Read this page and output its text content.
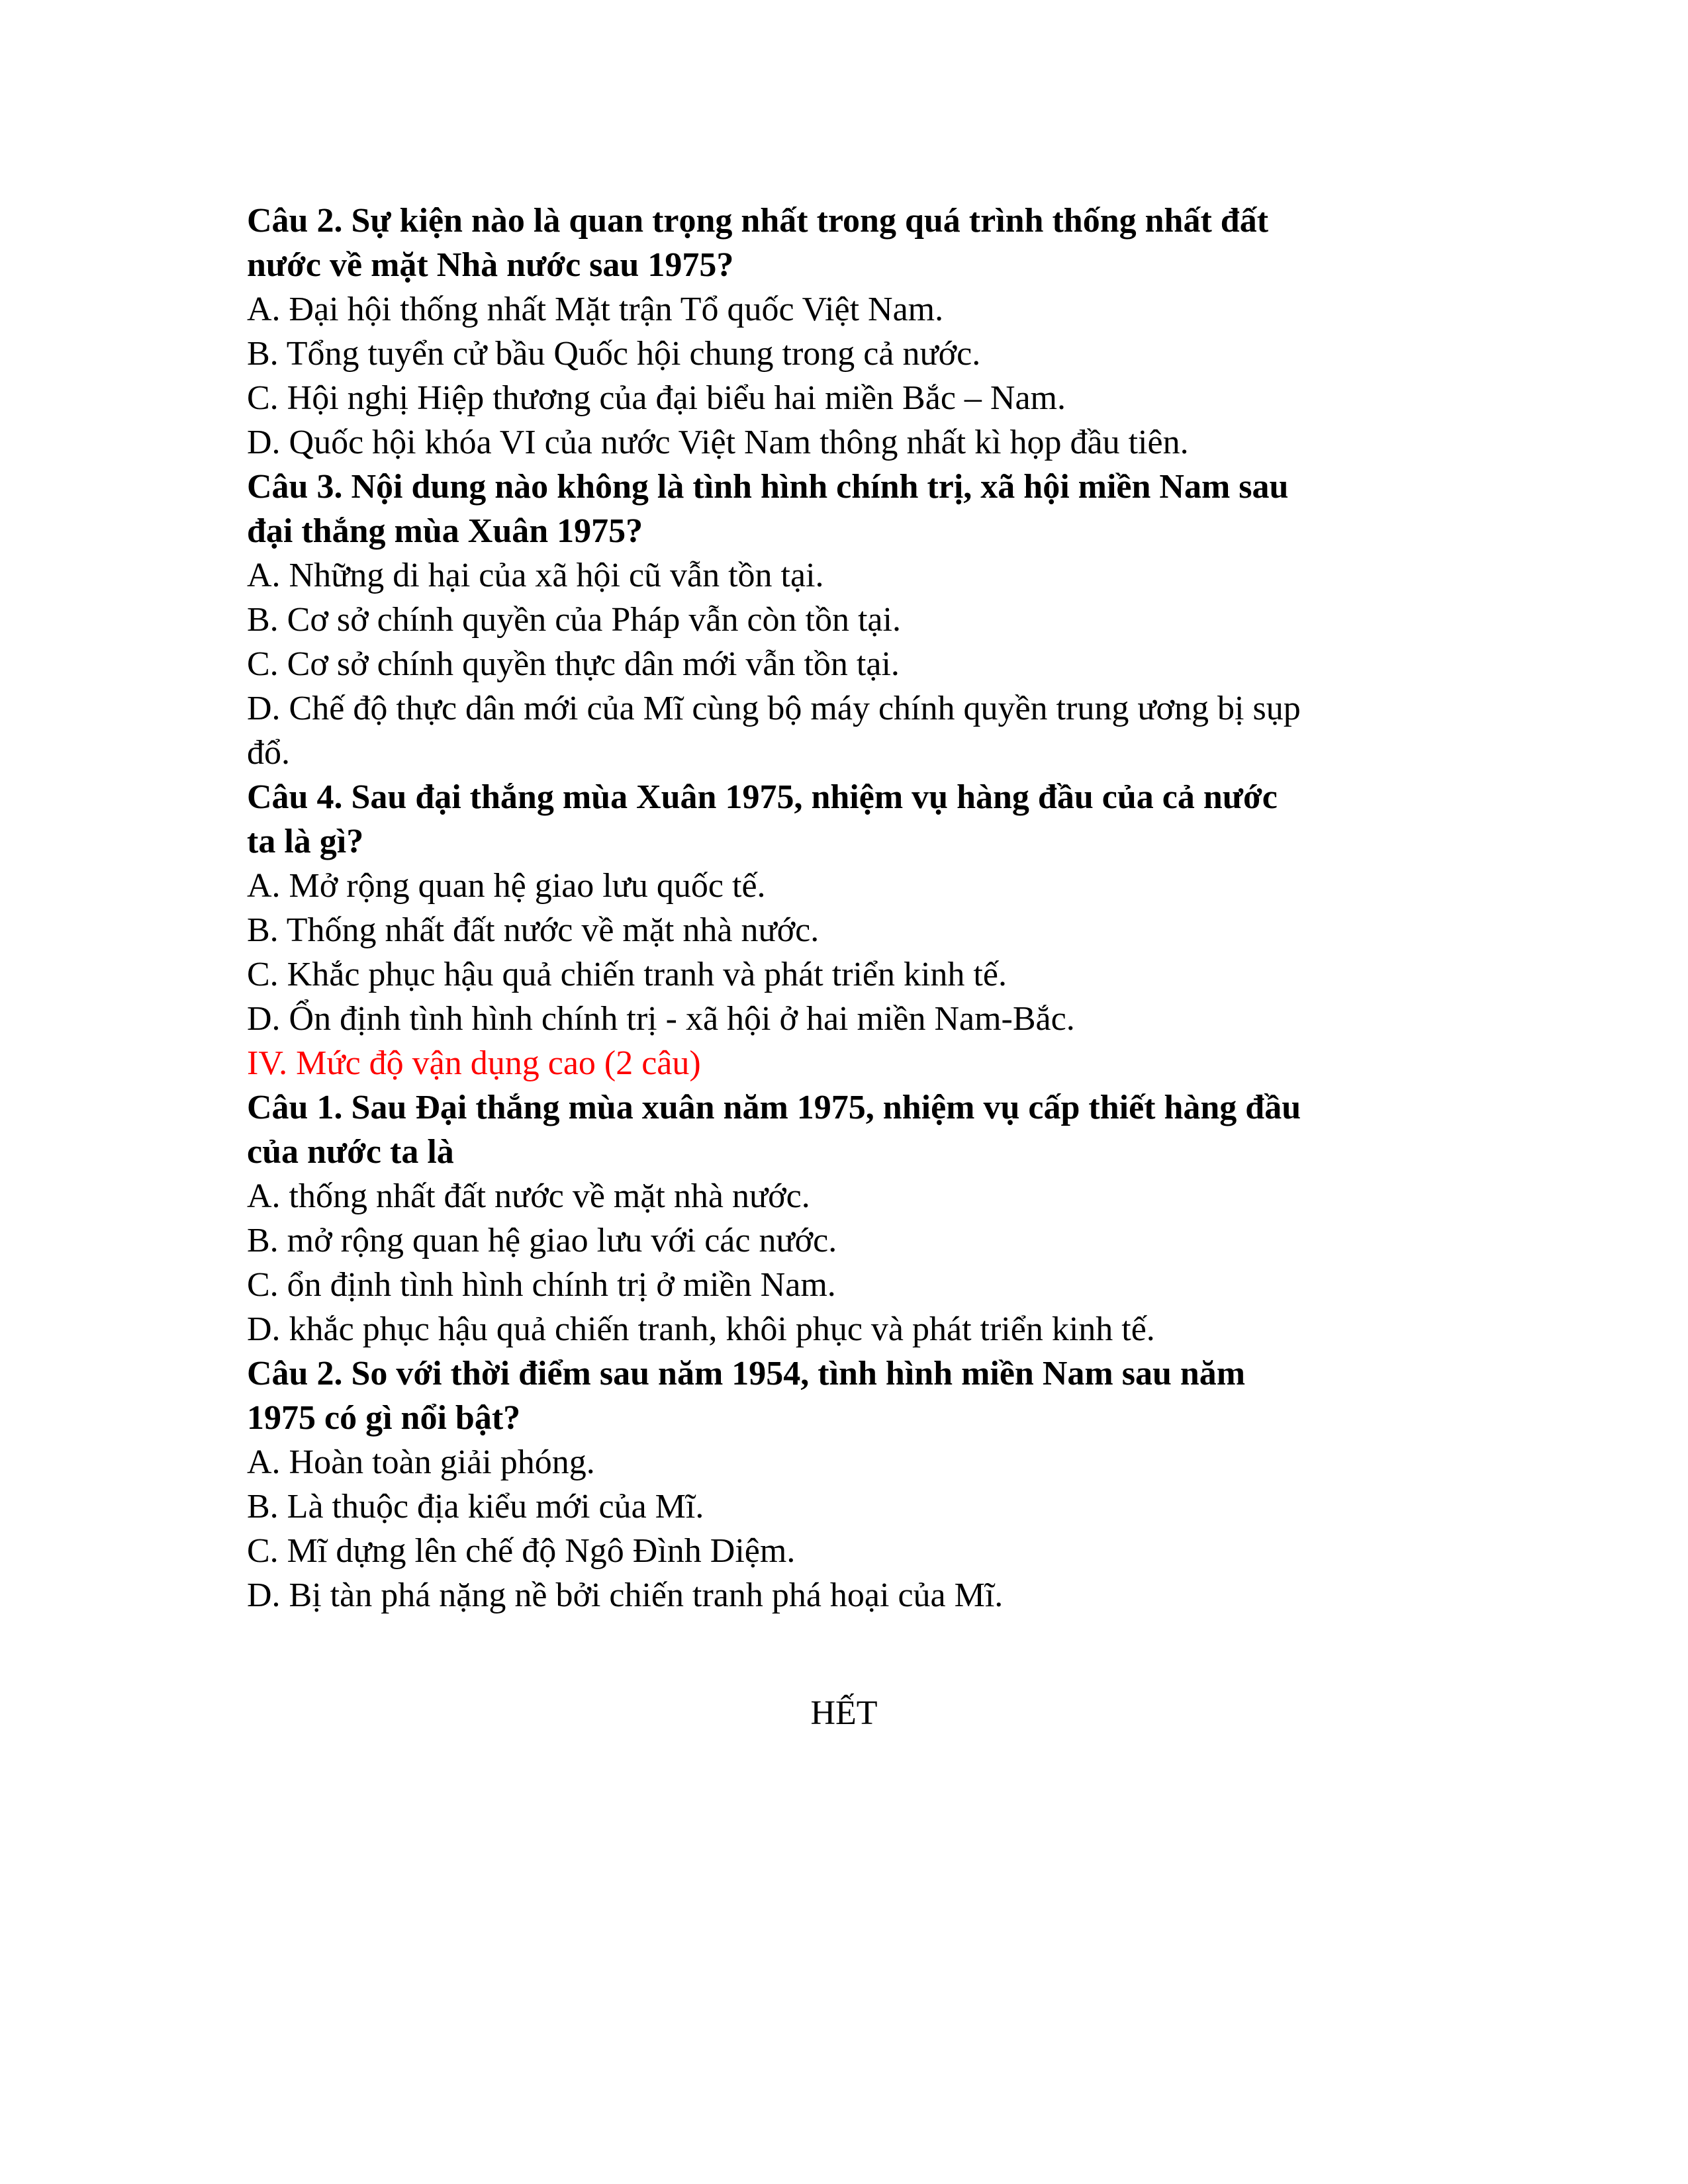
Câu 2. Sự kiện nào là quan trọng nhất trong quá trình thống nhất đất

nước về mặt Nhà nước sau 1975?

A. Đại hội thống nhất Mặt trận Tổ quốc Việt Nam.

B. Tổng tuyển cử bầu Quốc hội chung trong cả nước.

C. Hội nghị Hiệp thương của đại biểu hai miền Bắc – Nam.

D. Quốc hội khóa VI của nước Việt Nam thông nhất kì họp đầu tiên.

Câu 3. Nội dung nào không là tình hình chính trị, xã hội miền Nam sau

đại thắng mùa Xuân 1975?

A. Những di hại của xã hội cũ vẫn tồn tại.

B. Cơ sở chính quyền của Pháp vẫn còn tồn tại.

C. Cơ sở chính quyền thực dân mới vẫn tồn tại.

D. Chế độ thực dân mới của Mĩ cùng bộ máy chính quyền trung ương bị sụp

đổ.

Câu 4. Sau đại thắng mùa Xuân 1975, nhiệm vụ hàng đầu của cả nước

ta là gì?

A. Mở rộng quan hệ giao lưu quốc tế.

B. Thống nhất đất nước về mặt nhà nước.

C. Khắc phục hậu quả chiến tranh và phát triển kinh tế.

D. Ổn định tình hình chính trị - xã hội ở hai miền Nam-Bắc.

IV. Mức độ vận dụng cao (2 câu)

Câu 1. Sau Đại thắng mùa xuân năm 1975, nhiệm vụ cấp thiết hàng đầu

của nước ta là

A. thống nhất đất nước về mặt nhà nước.

B. mở rộng quan hệ giao lưu với các nước.

C. ổn định tình hình chính trị ở miền Nam.

D. khắc phục hậu quả chiến tranh, khôi phục và phát triển kinh tế.

Câu 2. So với thời điểm sau năm 1954, tình hình miền Nam sau năm

1975 có gì nổi bật?

A. Hoàn toàn giải phóng.

B. Là thuộc địa kiểu mới của Mĩ.

C. Mĩ dựng lên chế độ Ngô Đình Diệm.

D. Bị tàn phá nặng nề bởi chiến tranh phá hoại của Mĩ.

HẾT
